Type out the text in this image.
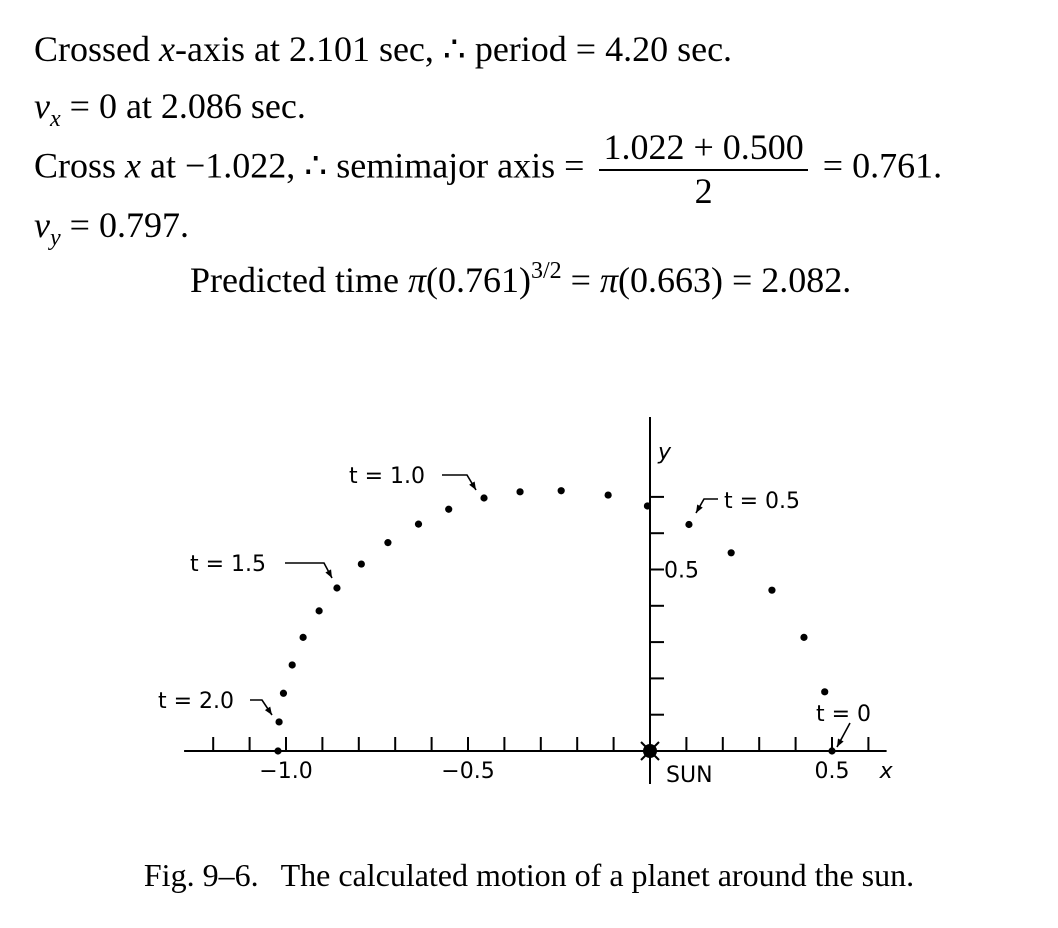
Crossed x-axis at 2.101 sec, ∴ period = 4.20 sec.
$v_x = 0$ at 2.086 sec.
Cross x at −1.022, ∴ semimajor axis = $\frac{1.022 + 0.500}{2} = 0.761$.
$v_y = 0.797$.
Predicted time $\pi(0.761)^{3/2} = \pi(0.663) = 2.082$.
−1.0	−0.5	0.5
0.5
x
y
SUN
t = 0
t = 0.5
t = 1.0
t = 1.5
t = 2.0
Fig. 9–6. The calculated motion of a planet around the sun.
